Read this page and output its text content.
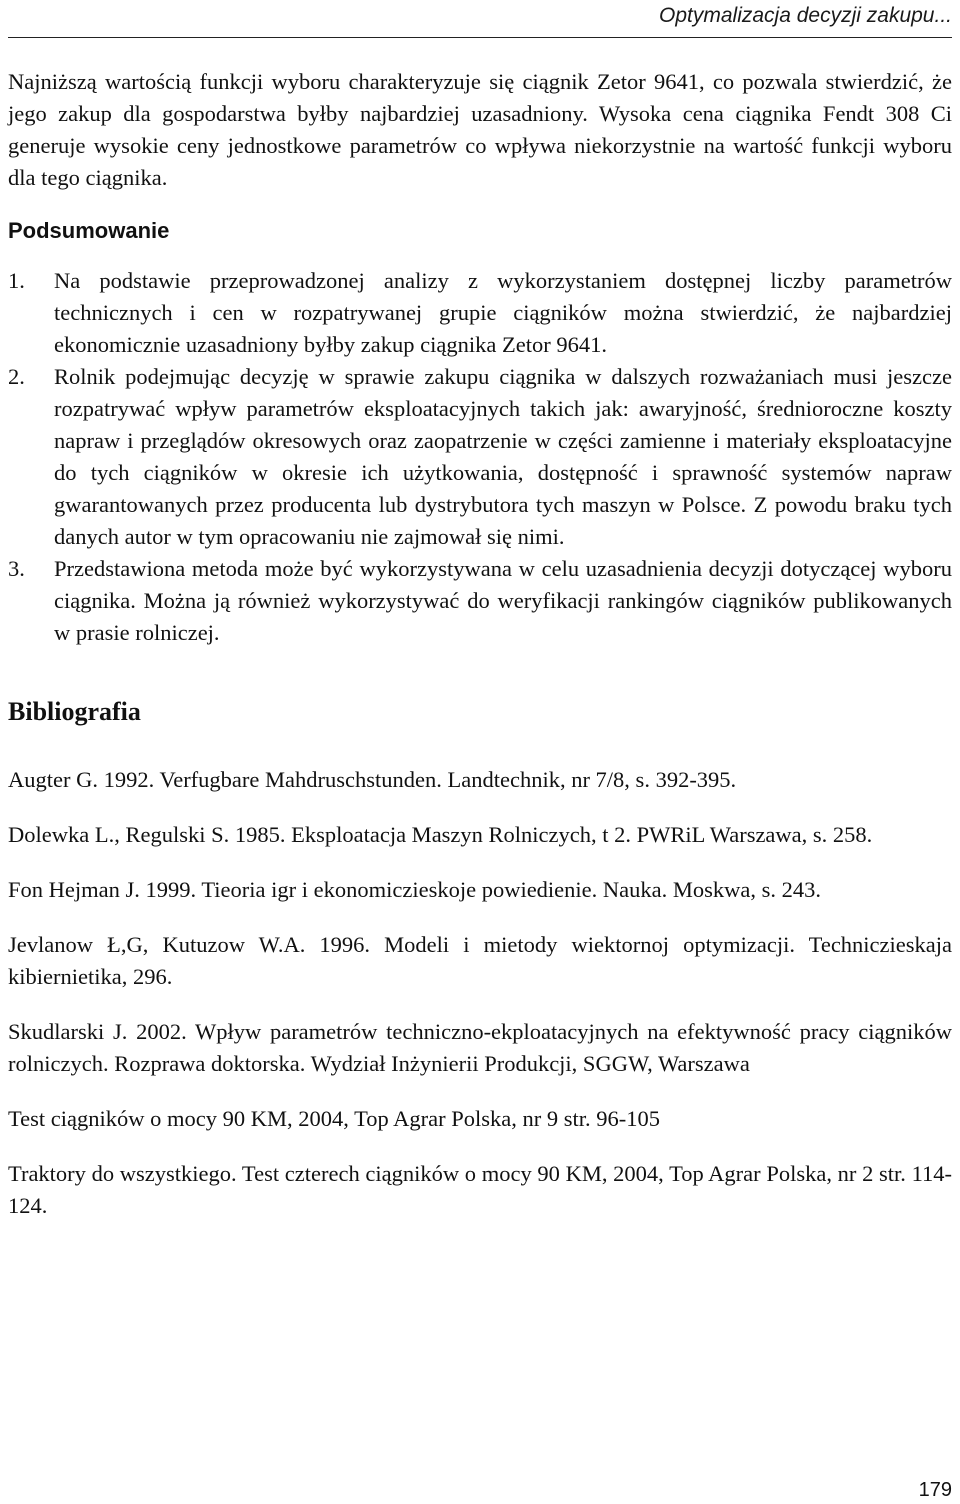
Optymalizacja decyzji zakupu...

Najniższą wartością funkcji wyboru charakteryzuje się ciągnik Zetor 9641, co pozwala stwierdzić, że jego zakup dla gospodarstwa byłby najbardziej uzasadniony. Wysoka cena ciągnika Fendt 308 Ci generuje wysokie ceny jednostkowe parametrów co wpływa niekorzystnie na wartość funkcji wyboru dla tego ciągnika.

Podsumowanie
1.	Na podstawie przeprowadzonej analizy z wykorzystaniem dostępnej liczby parametrów technicznych i cen w rozpatrywanej grupie ciągników można stwierdzić, że najbardziej ekonomicznie uzasadniony byłby zakup ciągnika Zetor 9641.
2.	Rolnik podejmując decyzję w sprawie zakupu ciągnika w dalszych rozważaniach musi jeszcze rozpatrywać wpływ parametrów eksploatacyjnych takich jak: awaryjność, średnioroczne koszty napraw i przeglądów okresowych oraz zaopatrzenie w części zamienne i materiały eksploatacyjne do tych ciągników w okresie ich użytkowania, dostępność i sprawność systemów napraw gwarantowanych przez producenta lub dystrybutora tych maszyn w Polsce. Z powodu braku tych danych autor w tym opracowaniu nie zajmował się nimi.
3.	Przedstawiona metoda może być wykorzystywana w celu uzasadnienia decyzji dotyczącej wyboru ciągnika. Można ją również wykorzystywać do weryfikacji rankingów ciągników publikowanych w prasie rolniczej.
Bibliografia

Augter G. 1992. Verfugbare Mahdruschstunden. Landtechnik, nr 7/8, s. 392-395.

Dolewka L., Regulski S. 1985. Eksploatacja Maszyn Rolniczych, t 2. PWRiL Warszawa, s. 258.

Fon Hejman J. 1999. Tieoria igr i ekonomiczieskoje powiedienie. Nauka. Moskwa, s. 243.

Jevlanow Ł,G, Kutuzow W.A. 1996. Modeli i mietody wiektornoj optymizacji. Techniczieskaja kibiernietika, 296.

Skudlarski J. 2002. Wpływ parametrów techniczno-ekploatacyjnych na efektywność pracy ciągników rolniczych. Rozprawa doktorska. Wydział Inżynierii Produkcji, SGGW, Warszawa

Test ciągników o mocy 90 KM, 2004, Top Agrar Polska, nr 9 str. 96-105

Traktory do wszystkiego. Test czterech ciągników o mocy 90 KM, 2004, Top Agrar Polska, nr 2 str. 114-124.

179
